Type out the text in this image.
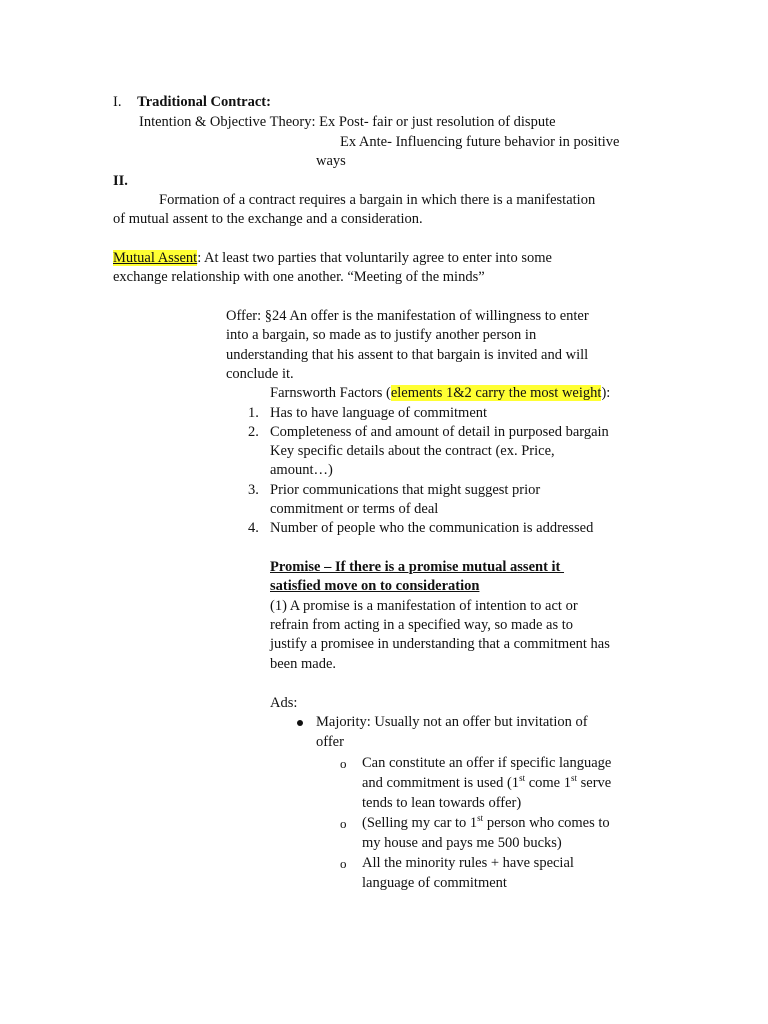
I. Traditional Contract:
Intention & Objective Theory: Ex Post- fair or just resolution of dispute
Ex Ante- Influencing future behavior in positive
ways
II.
Formation of a contract requires a bargain in which there is a manifestation
of mutual assent to the exchange and a consideration.
Mutual Assent: At least two parties that voluntarily agree to enter into some
exchange relationship with one another. “Meeting of the minds”
Offer: §24 An offer is the manifestation of willingness to enter
into a bargain, so made as to justify another person in
understanding that his assent to that bargain is invited and will
conclude it.
Farnsworth Factors (elements 1&2 carry the most weight):
1. Has to have language of commitment
2. Completeness of and amount of detail in purposed bargain
Key specific details about the contract (ex. Price,
amount…)
3. Prior communications that might suggest prior
commitment or terms of deal
4. Number of people who the communication is addressed
Promise – If there is a promise mutual assent it
satisfied move on to consideration
(1) A promise is a manifestation of intention to act or
refrain from acting in a specified way, so made as to
justify a promisee in understanding that a commitment has
been made.
Ads:
Majority: Usually not an offer but invitation of
offer
o Can constitute an offer if specific language
and commitment is used (1st come 1st serve
tends to lean towards offer)
o (Selling my car to 1st person who comes to
my house and pays me 500 bucks)
o All the minority rules + have special
language of commitment
